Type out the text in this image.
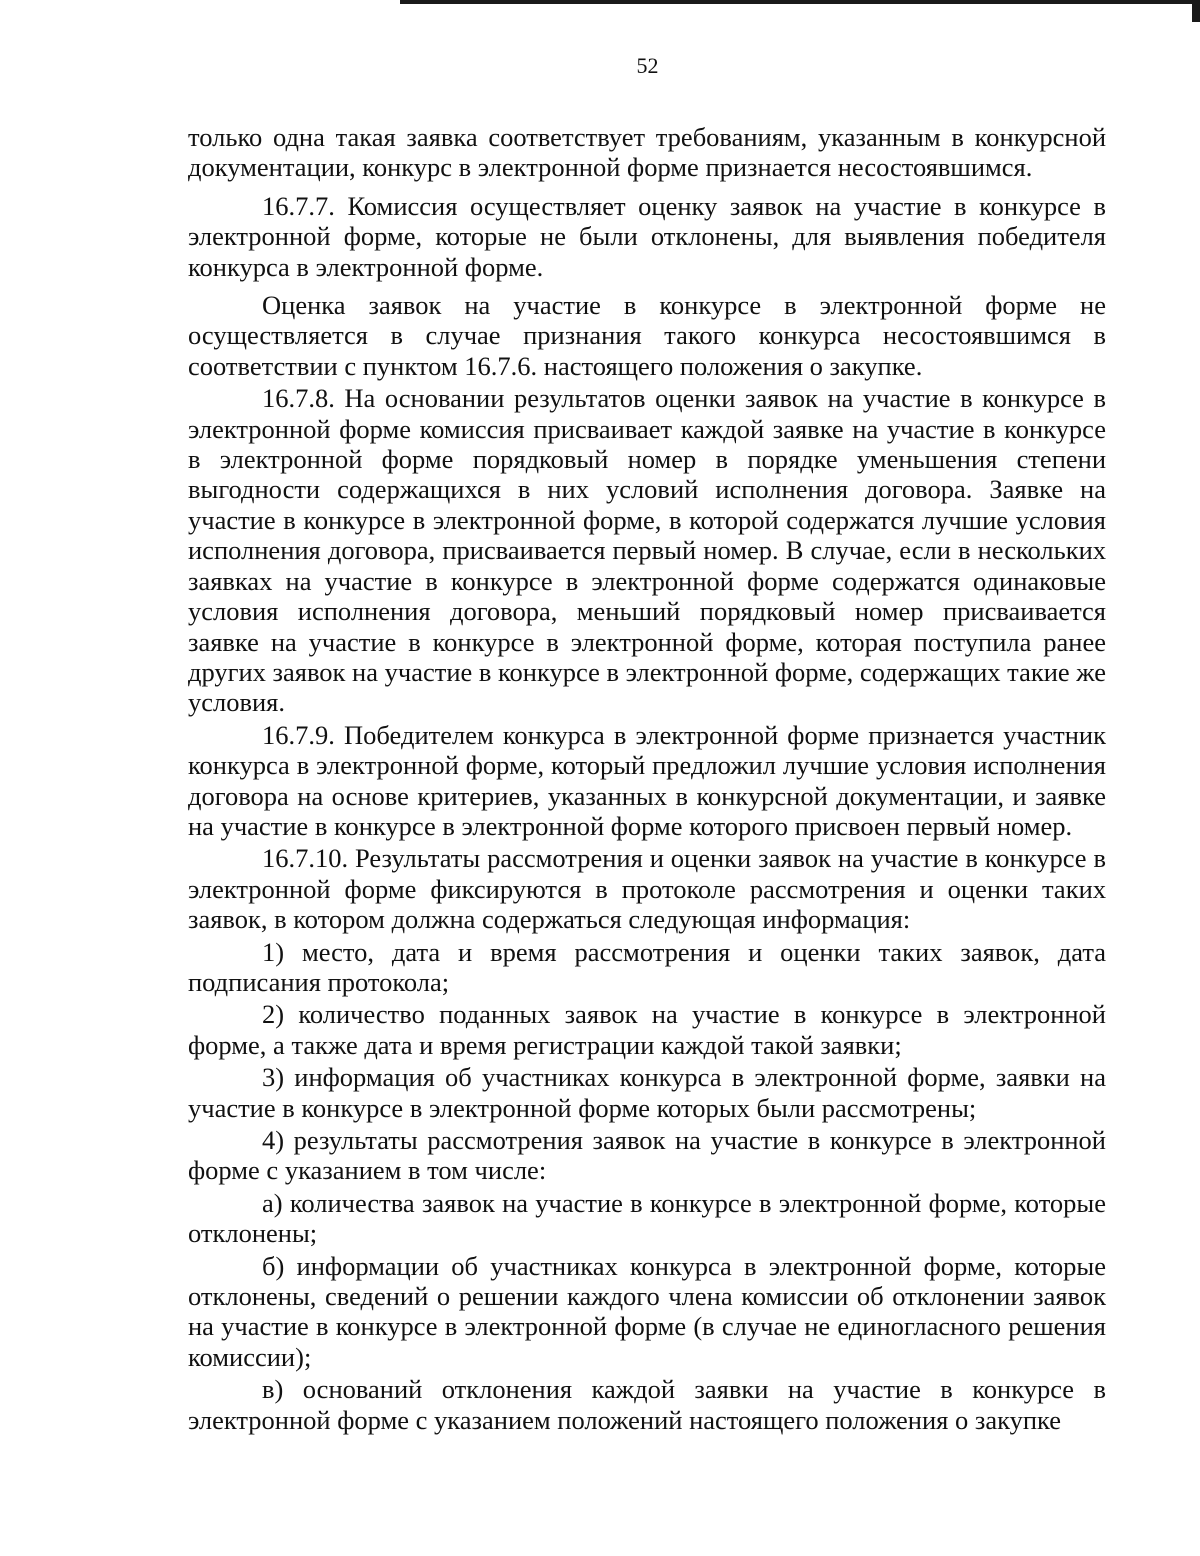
52

только одна такая заявка соответствует требованиям, указанным в конкурсной документации, конкурс в электронной форме признается несостоявшимся.

16.7.7. Комиссия осуществляет оценку заявок на участие в конкурсе в электронной форме, которые не были отклонены, для выявления победителя конкурса в электронной форме.

Оценка заявок на участие в конкурсе в электронной форме не осуществляется в случае признания такого конкурса несостоявшимся в соответствии с пунктом 16.7.6. настоящего положения о закупке.

16.7.8. На основании результатов оценки заявок на участие в конкурсе в электронной форме комиссия присваивает каждой заявке на участие в конкурсе в электронной форме порядковый номер в порядке уменьшения степени выгодности содержащихся в них условий исполнения договора. Заявке на участие в конкурсе в электронной форме, в которой содержатся лучшие условия исполнения договора, присваивается первый номер. В случае, если в нескольких заявках на участие в конкурсе в электронной форме содержатся одинаковые условия исполнения договора, меньший порядковый номер присваивается заявке на участие в конкурсе в электронной форме, которая поступила ранее других заявок на участие в конкурсе в электронной форме, содержащих такие же условия.

16.7.9. Победителем конкурса в электронной форме признается участник конкурса в электронной форме, который предложил лучшие условия исполнения договора на основе критериев, указанных в конкурсной документации, и заявке на участие в конкурсе в электронной форме которого присвоен первый номер.

16.7.10. Результаты рассмотрения и оценки заявок на участие в конкурсе в электронной форме фиксируются в протоколе рассмотрения и оценки таких заявок, в котором должна содержаться следующая информация:

1) место, дата и время рассмотрения и оценки таких заявок, дата подписания протокола;

2) количество поданных заявок на участие в конкурсе в электронной форме, а также дата и время регистрации каждой такой заявки;

3) информация об участниках конкурса в электронной форме, заявки на участие в конкурсе в электронной форме которых были рассмотрены;

4) результаты рассмотрения заявок на участие в конкурсе в электронной форме с указанием в том числе:

а) количества заявок на участие в конкурсе в электронной форме, которые отклонены;

б) информации об участниках конкурса в электронной форме, которые отклонены, сведений о решении каждого члена комиссии об отклонении заявок на участие в конкурсе в электронной форме (в случае не единогласного решения комиссии);

в) оснований отклонения каждой заявки на участие в конкурсе в электронной форме с указанием положений настоящего положения о закупке
